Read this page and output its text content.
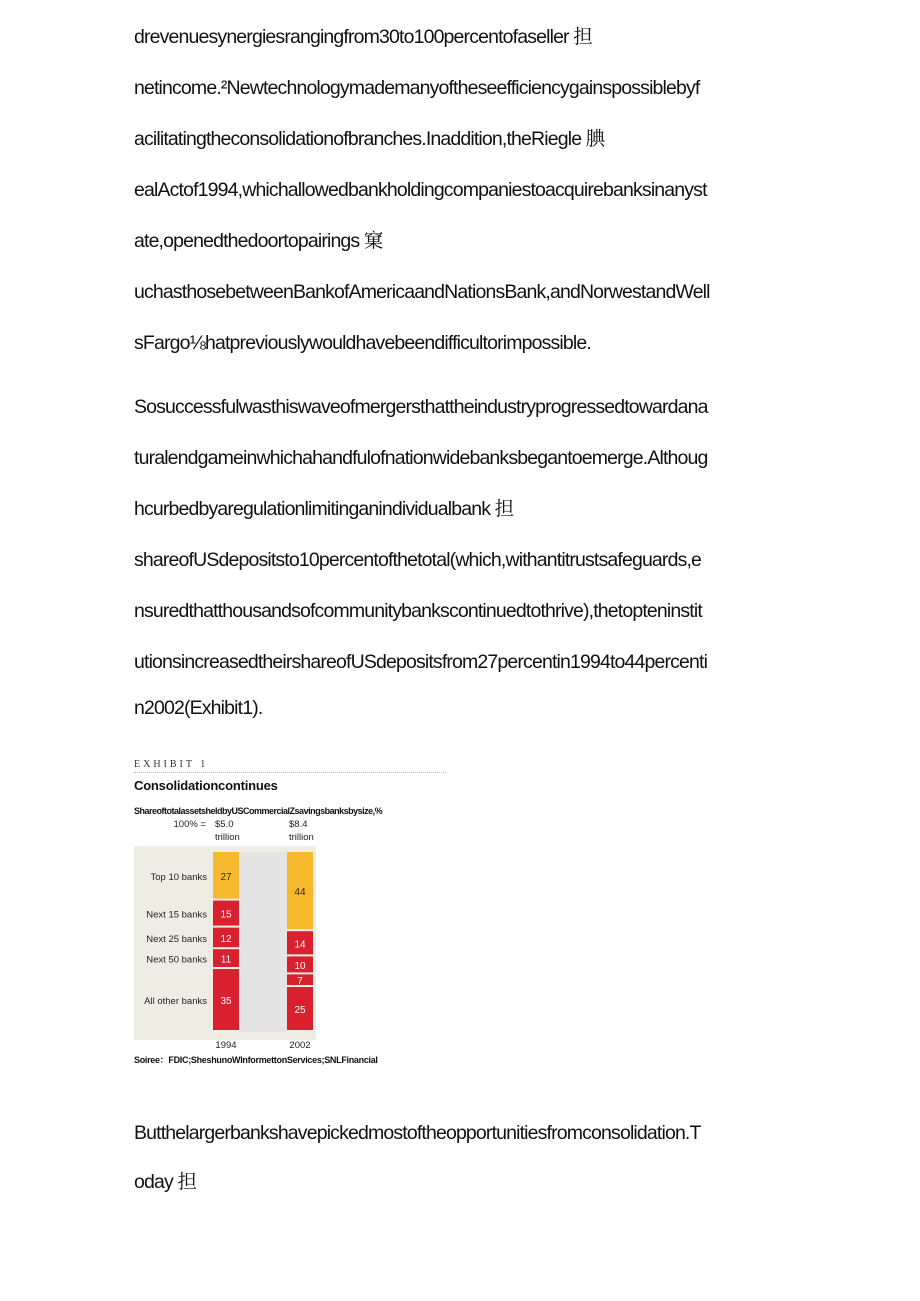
drevenuesynergiesrangingfrom30to100percentofaseller 担
netincome.²Newtechnologymademanyoftheseefficiencygainspossiblebyf
acilitatingtheconsolidationofbranches.Inaddition,theRiegle 腆
ealActof1994,whichallowedbankholdingcompaniestoacquirebanksinanyst
ate,openedthedoortopairings 窠
uchasthosebetweenBankofAmericaandNationsBank,andNorwestandWell
sFargo⅛hatpreviouslywouldhavebeendifficultorimpossible.
Sosuccessfulwasthiswaveofmergersthattheindustryprogressedtowardana
turalendgameinwhichahandfulofnationwidebanksbegantoemerge.Althoug
hcurbedbyaregulationlimitinganindividualbank 担
shareofUSdepositsto10percentofthetotal(which,withantitrustsafeguards,e
nsuredthatthousandsofcommunitybankscontinuedtothrive),thetopteninstit
utionsincreasedtheirshareofUSdepositsfrom27percentin1994to44percenti
n2002(Exhibit1).
EXHIBIT 1
Consolidationcontinues
ShareoftotalassetsheldbyUSCommercialZsavingsbanksbysize,%
27
15
12
11
35
1994
$5.0
trillion
44
14
10
7
25
2002
$8.4
trillion
100% =
Top 10 banks
Next 15 banks
Next 25 banks
Next 50 banks
All other banks
Soiree：FDIC;SheshunoWInformettonServices;SNLFinancial
Butthelargerbankshavepickedmostoftheopportunitiesfromconsolidation.T
oday 担
